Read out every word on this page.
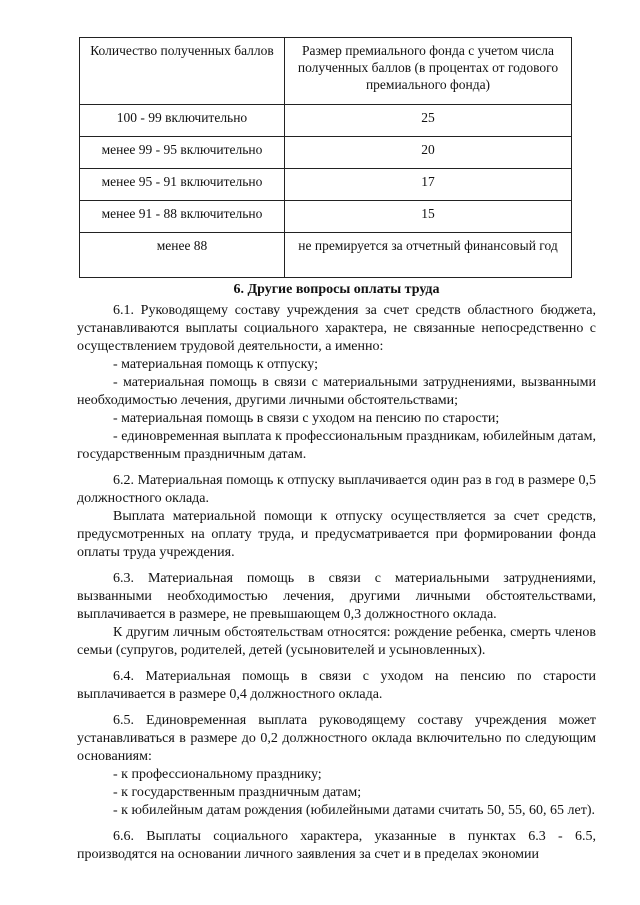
Количество полученных баллов	Размер премиального фонда с учетом числа полученных баллов (в процентах от годового премиального фонда)
100 - 99 включительно	25
менее 99 - 95 включительно	20
менее 95 - 91 включительно	17
менее 91 - 88 включительно	15
менее 88	не премируется за отчетный финансовый год
6. Другие вопросы оплаты труда

6.1. Руководящему составу учреждения за счет средств областного бюджета, устанавливаются выплаты социального характера, не связанные непосредственно с осуществлением трудовой деятельности, а именно:

- материальная помощь к отпуску;

- материальная помощь в связи с материальными затруднениями, вызванными необходимостью лечения, другими личными обстоятельствами;

- материальная помощь в связи с уходом на пенсию по старости;

- единовременная выплата к профессиональным праздникам, юбилейным датам, государственным праздничным датам.

6.2. Материальная помощь к отпуску выплачивается один раз в год в размере 0,5 должностного оклада.

Выплата материальной помощи к отпуску осуществляется за счет средств, предусмотренных на оплату труда, и предусматривается при формировании фонда оплаты труда учреждения.

6.3. Материальная помощь в связи с материальными затруднениями, вызванными необходимостью лечения, другими личными обстоятельствами, выплачивается в размере, не превышающем 0,3 должностного оклада.

К другим личным обстоятельствам относятся: рождение ребенка, смерть членов семьи (супругов, родителей, детей (усыновителей и усыновленных).

6.4. Материальная помощь в связи с уходом на пенсию по старости выплачивается в размере 0,4 должностного оклада.

6.5. Единовременная выплата руководящему составу учреждения может устанавливаться в размере до 0,2 должностного оклада включительно по следующим основаниям:

- к профессиональному празднику;

- к государственным праздничным датам;

- к юбилейным датам рождения (юбилейными датами считать 50, 55, 60, 65 лет).

6.6. Выплаты социального характера, указанные в пунктах 6.3 - 6.5, производятся на основании личного заявления за счет и в пределах экономии
